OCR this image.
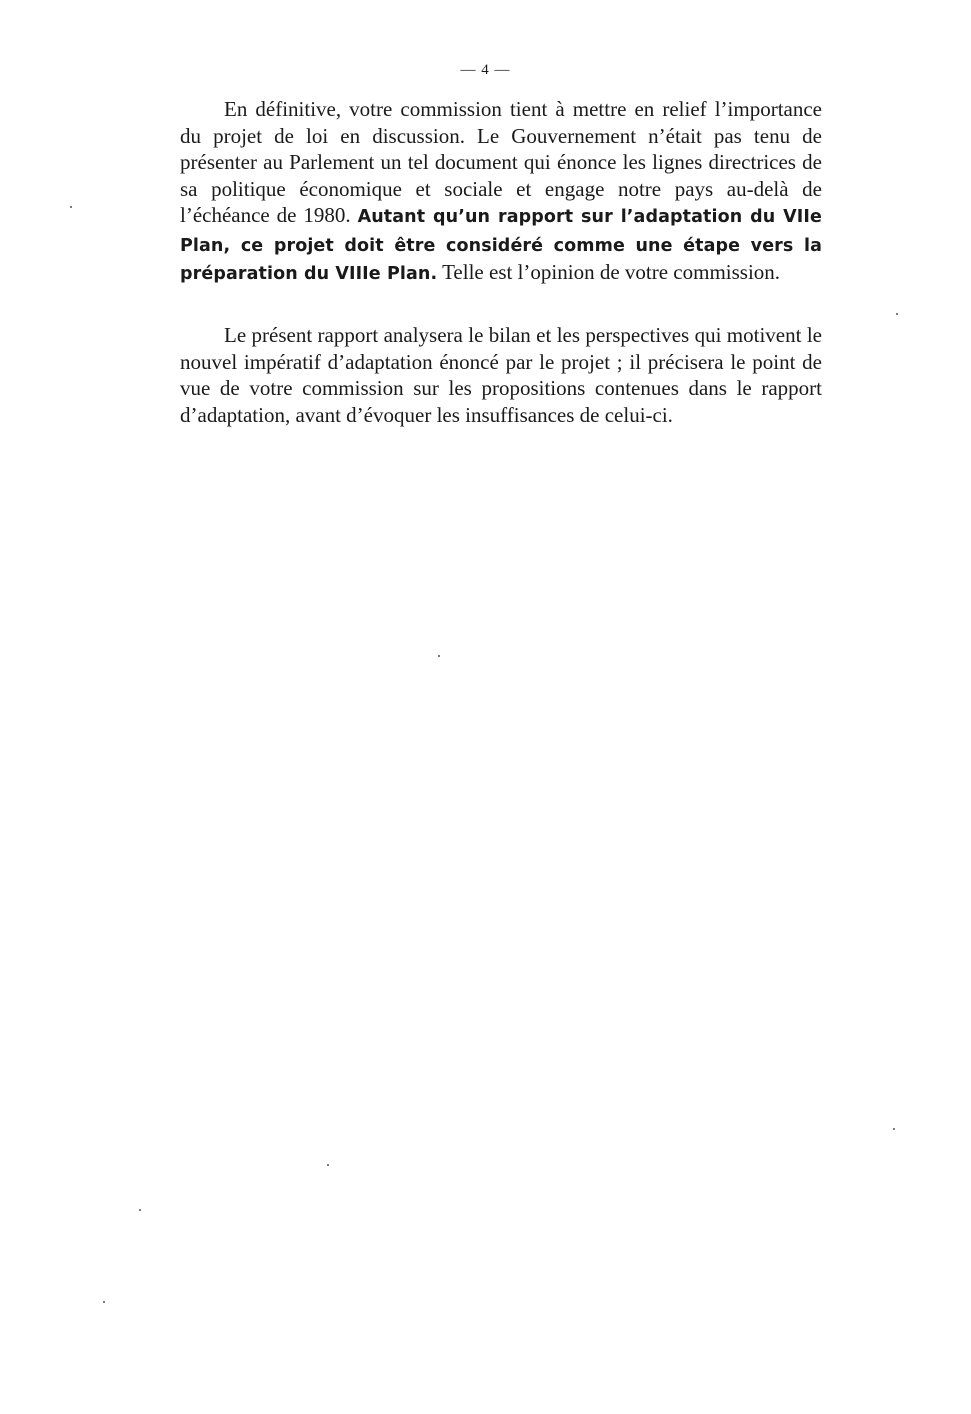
— 4 —

En définitive, votre commission tient à mettre en relief l’importance du projet de loi en discussion. Le Gouvernement n’était pas tenu de présenter au Parlement un tel document qui énonce les lignes directrices de sa politique économique et sociale et engage notre pays au-delà de l’échéance de 1980. Autant qu’un rapport sur l’adaptation du VIIe Plan, ce projet doit être considéré comme une étape vers la préparation du VIIIe Plan. Telle est l’opinion de votre commission.

Le présent rapport analysera le bilan et les perspectives qui motivent le nouvel impératif d’adaptation énoncé par le projet ; il précisera le point de vue de votre commission sur les propositions contenues dans le rapport d’adaptation, avant d’évoquer les insuffisances de celui-ci.
